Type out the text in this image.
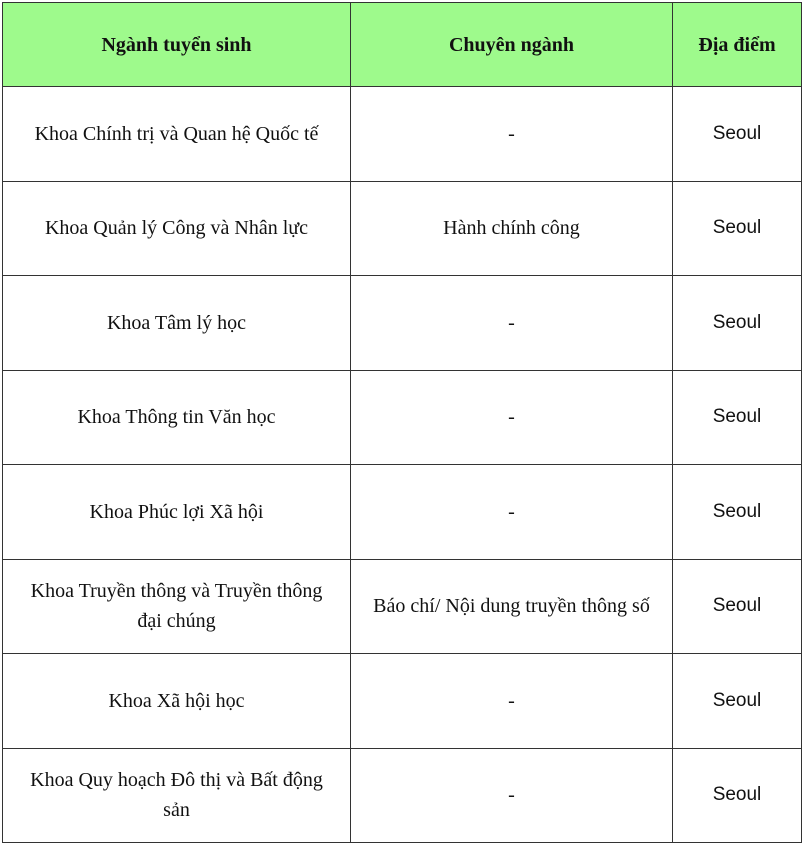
Ngành tuyển sinh	Chuyên ngành	Địa điểm
Khoa Chính trị và Quan hệ Quốc tế	-	Seoul
Khoa Quản lý Công và Nhân lực	Hành chính công	Seoul
Khoa Tâm lý học	-	Seoul
Khoa Thông tin Văn học	-	Seoul
Khoa Phúc lợi Xã hội	-	Seoul
Khoa Truyền thông và Truyền thông đại chúng	Báo chí/ Nội dung truyền thông số	Seoul
Khoa Xã hội học	-	Seoul
Khoa Quy hoạch Đô thị và Bất động sản	-	Seoul
